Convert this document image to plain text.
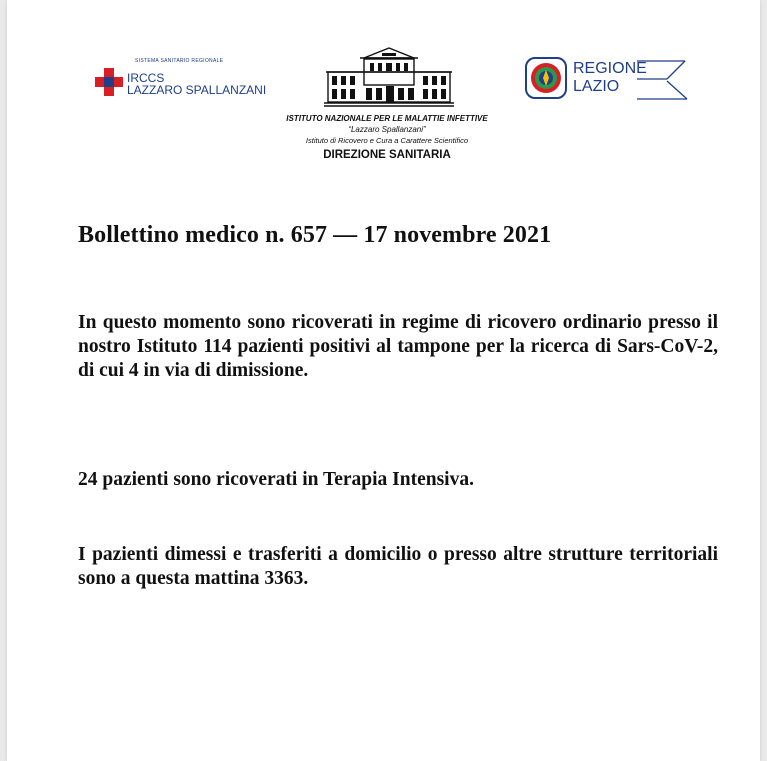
SISTEMA SANITARIO REGIONALE
IRCCS
LAZZARO SPALLANZANI
ISTITUTO NAZIONALE PER LE MALATTIE INFETTIVE
“Lazzaro Spallanzani”
Istituto di Ricovero e Cura a Carattere Scientifico
DIREZIONE SANITARIA
REGIONE
LAZIO
Bollettino medico n. 657 — 17 novembre 2021
In questo momento sono ricoverati in regime di ricovero ordinario presso il nostro Istituto 114 pazienti positivi al tampone per la ricerca di Sars-CoV-2, di cui 4 in via di dimissione.
24 pazienti sono ricoverati in Terapia Intensiva.
I pazienti dimessi e trasferiti a domicilio o presso altre strutture territoriali sono a questa mattina 3363.
